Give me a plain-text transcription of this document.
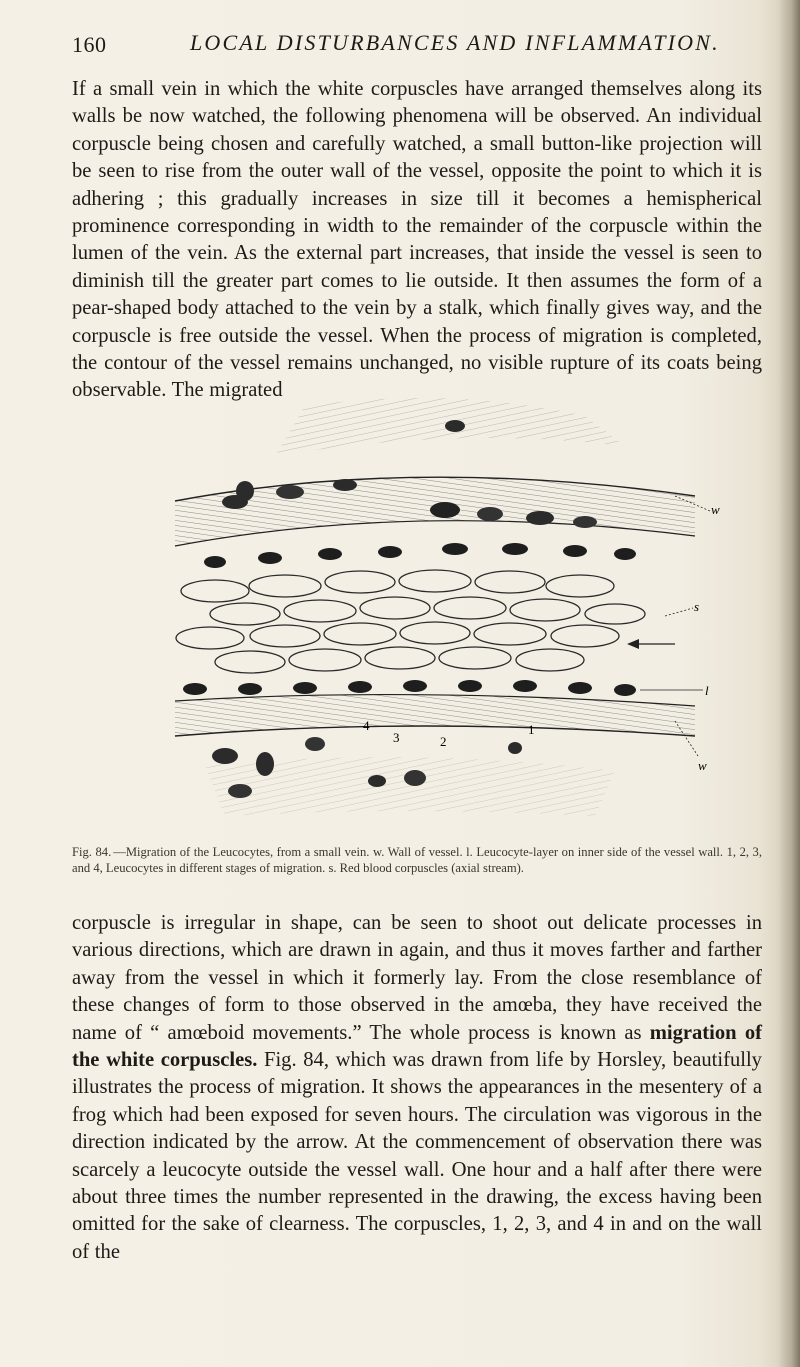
160	LOCAL DISTURBANCES AND INFLAMMATION.
If a small vein in which the white corpuscles have arranged themselves along its walls be now watched, the following phenomena will be observed. An individual corpuscle being chosen and carefully watched, a small button-like projection will be seen to rise from the outer wall of the vessel, opposite the point to which it is adhering ; this gradually increases in size till it becomes a hemispherical prominence corresponding in width to the remainder of the corpuscle within the lumen of the vein. As the external part increases, that inside the vessel is seen to diminish till the greater part comes to lie outside. It then assumes the form of a pear-shaped body attached to the vein by a stalk, which finally gives way, and the corpuscle is free outside the vessel. When the process of migration is completed, the contour of the vessel remains unchanged, no visible rupture of its coats being observable. The migrated
w
s
l
w
4
3	2
1
Fig. 84. —Migration of the Leucocytes, from a small vein. w. Wall of vessel. l. Leucocyte-layer on inner side of the vessel wall. 1, 2, 3, and 4, Leucocytes in different stages of migration. s. Red blood corpuscles (axial stream).
corpuscle is irregular in shape, can be seen to shoot out delicate processes in various directions, which are drawn in again, and thus it moves farther and farther away from the vessel in which it formerly lay. From the close resemblance of these changes of form to those observed in the amœba, they have received the name of “ amœboid movements.” The whole process is known as migration of the white corpuscles. Fig. 84, which was drawn from life by Horsley, beautifully illustrates the process of migration. It shows the appearances in the mesentery of a frog which had been exposed for seven hours. The circulation was vigorous in the direction indicated by the arrow. At the commencement of observation there was scarcely a leucocyte outside the vessel wall. One hour and a half after there were about three times the number represented in the drawing, the excess having been omitted for the sake of clearness. The corpuscles, 1, 2, 3, and 4 in and on the wall of the
